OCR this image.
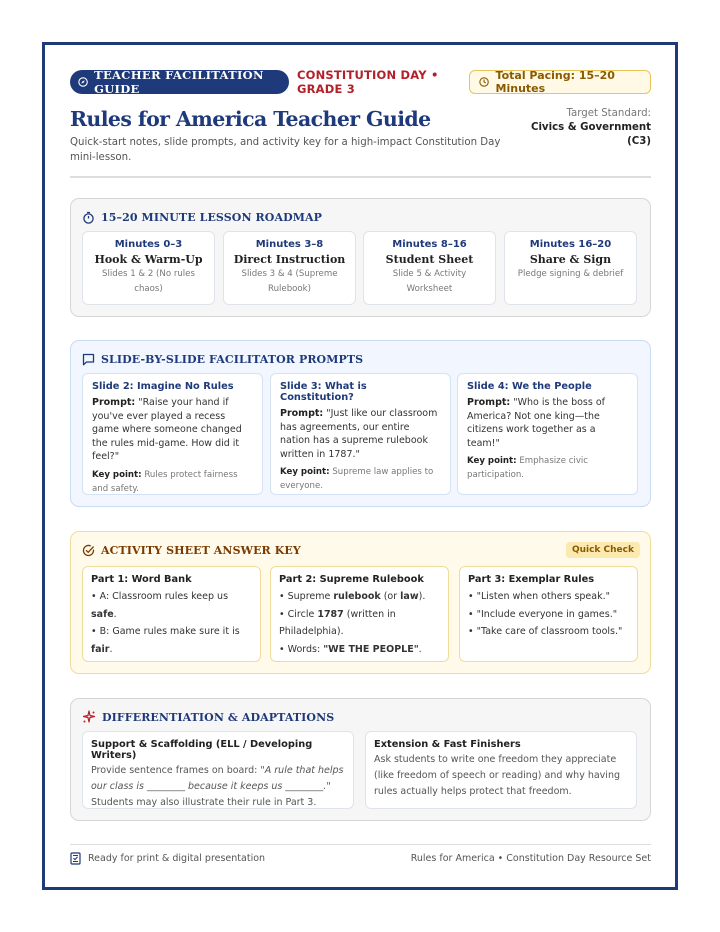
TEACHER FACILITATION GUIDE
CONSTITUTION DAY • GRADE 3
Total Pacing: 15–20 Minutes
Rules for America Teacher Guide
Quick-start notes, slide prompts, and activity key for a high-impact Constitution Day mini-lesson.
Target Standard:
Civics & Government
(C3)
15–20 MINUTE LESSON ROADMAP
Minutes 0–3
Hook & Warm-Up
Slides 1 & 2 (No rules chaos)
Minutes 3–8
Direct Instruction
Slides 3 & 4 (Supreme Rulebook)
Minutes 8–16
Student Sheet
Slide 5 & Activity Worksheet
Minutes 16–20
Share & Sign
Pledge signing & debrief
SLIDE-BY-SLIDE FACILITATOR PROMPTS
Slide 2: Imagine No Rules
Prompt: "Raise your hand if you've ever played a recess game where someone changed the rules mid-game. How did it feel?"
Key point: Rules protect fairness and safety.
Slide 3: What is Constitution?
Prompt: "Just like our classroom has agreements, our entire nation has a supreme rulebook written in 1787."
Key point: Supreme law applies to everyone.
Slide 4: We the People
Prompt: "Who is the boss of America? Not one king—the citizens work together as a team!"
Key point: Emphasize civic participation.
ACTIVITY SHEET ANSWER KEY	Quick Check
Part 1: Word Bank
• A: Classroom rules keep us safe.
• B: Game rules make sure it is fair.
Part 2: Supreme Rulebook
• Supreme rulebook (or law).
• Circle 1787 (written in Philadelphia).
• Words: "WE THE PEOPLE".
Part 3: Exemplar Rules
• "Listen when others speak."
• "Include everyone in games."
• "Take care of classroom tools."
DIFFERENTIATION & ADAPTATIONS
Support & Scaffolding (ELL / Developing Writers)
Provide sentence frames on board: "A rule that helps our class is ________ because it keeps us ________." Students may also illustrate their rule in Part 3.
Extension & Fast Finishers
Ask students to write one freedom they appreciate (like freedom of speech or reading) and why having rules actually helps protect that freedom.
Ready for print & digital presentation	Rules for America • Constitution Day Resource Set
